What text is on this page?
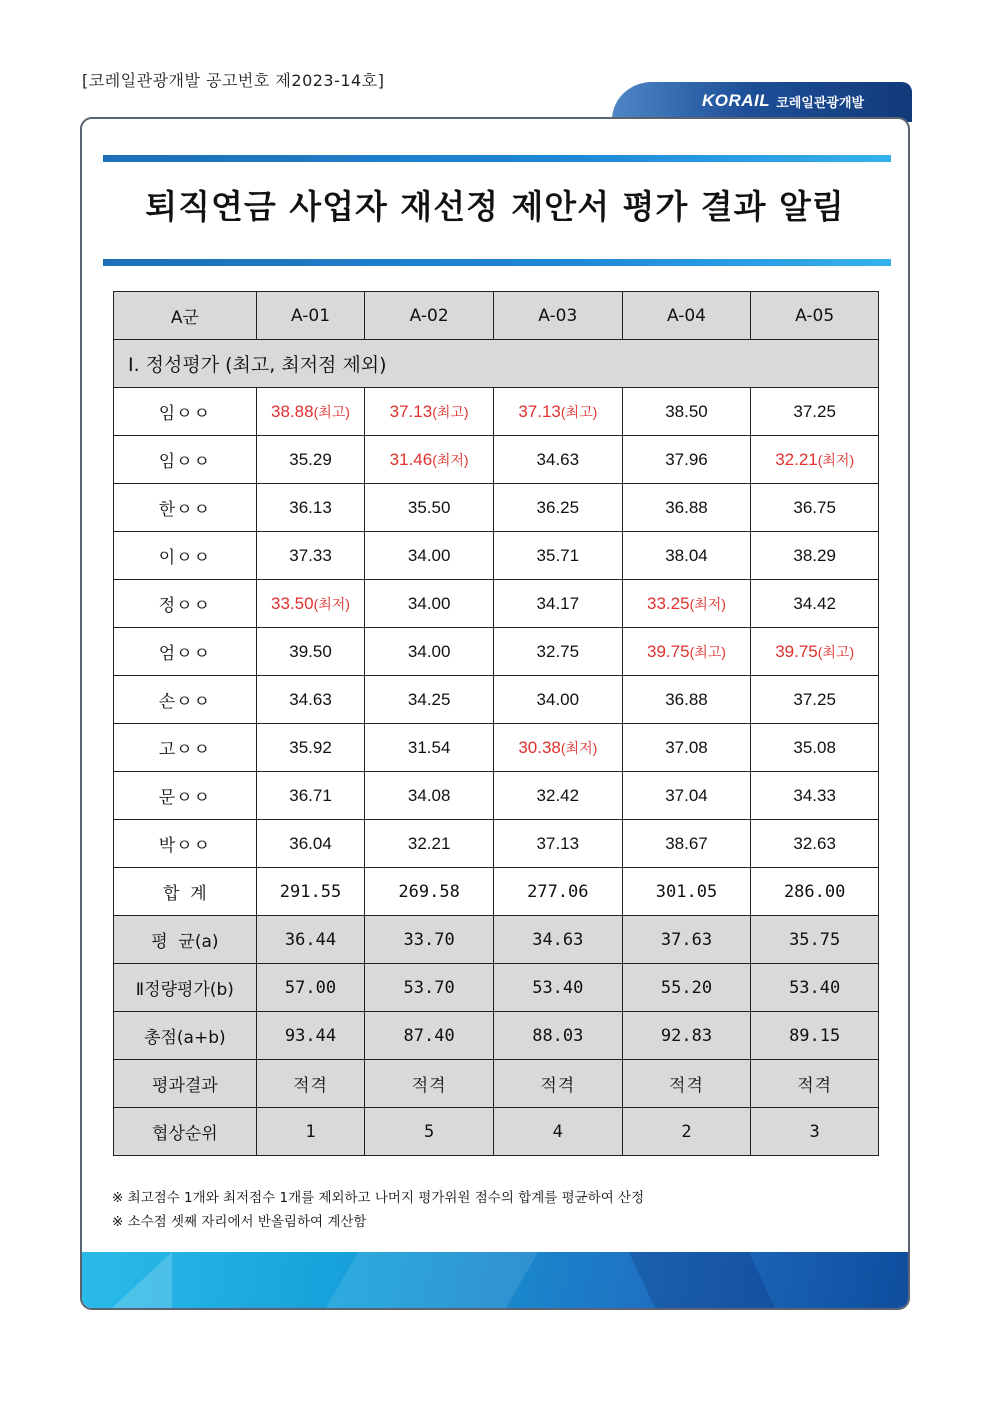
[코레일관광개발 공고번호 제2023-14호]
KORAIL 코레일관광개발
퇴직연금 사업자 재선정 제안서 평가 결과 알림
A군	A-01	A-02	A-03	A-04	A-05
Ⅰ. 정성평가 (최고, 최저점 제외)					
임ㅇㅇ	38.88(최고)	37.13(최고)	37.13(최고)	38.50	37.25
임ㅇㅇ	35.29	31.46(최저)	34.63	37.96	32.21(최저)
한ㅇㅇ	36.13	35.50	36.25	36.88	36.75
이ㅇㅇ	37.33	34.00	35.71	38.04	38.29
정ㅇㅇ	33.50(최저)	34.00	34.17	33.25(최저)	34.42
엄ㅇㅇ	39.50	34.00	32.75	39.75(최고)	39.75(최고)
손ㅇㅇ	34.63	34.25	34.00	36.88	37.25
고ㅇㅇ	35.92	31.54	30.38(최저)	37.08	35.08
문ㅇㅇ	36.71	34.08	32.42	37.04	34.33
박ㅇㅇ	36.04	32.21	37.13	38.67	32.63
합  계	291.55	269.58	277.06	301.05	286.00
평  균(a)	36.44	33.70	34.63	37.63	35.75
Ⅱ정량평가(b)	57.00	53.70	53.40	55.20	53.40
총점(a+b)	93.44	87.40	88.03	92.83	89.15
평과결과	적격	적격	적격	적격	적격
협상순위	1	5	4	2	3
※ 최고점수 1개와 최저점수 1개를 제외하고 나머지 평가위원 점수의 합계를 평균하여 산정
※ 소수점 셋째 자리에서 반올림하여 계산함
